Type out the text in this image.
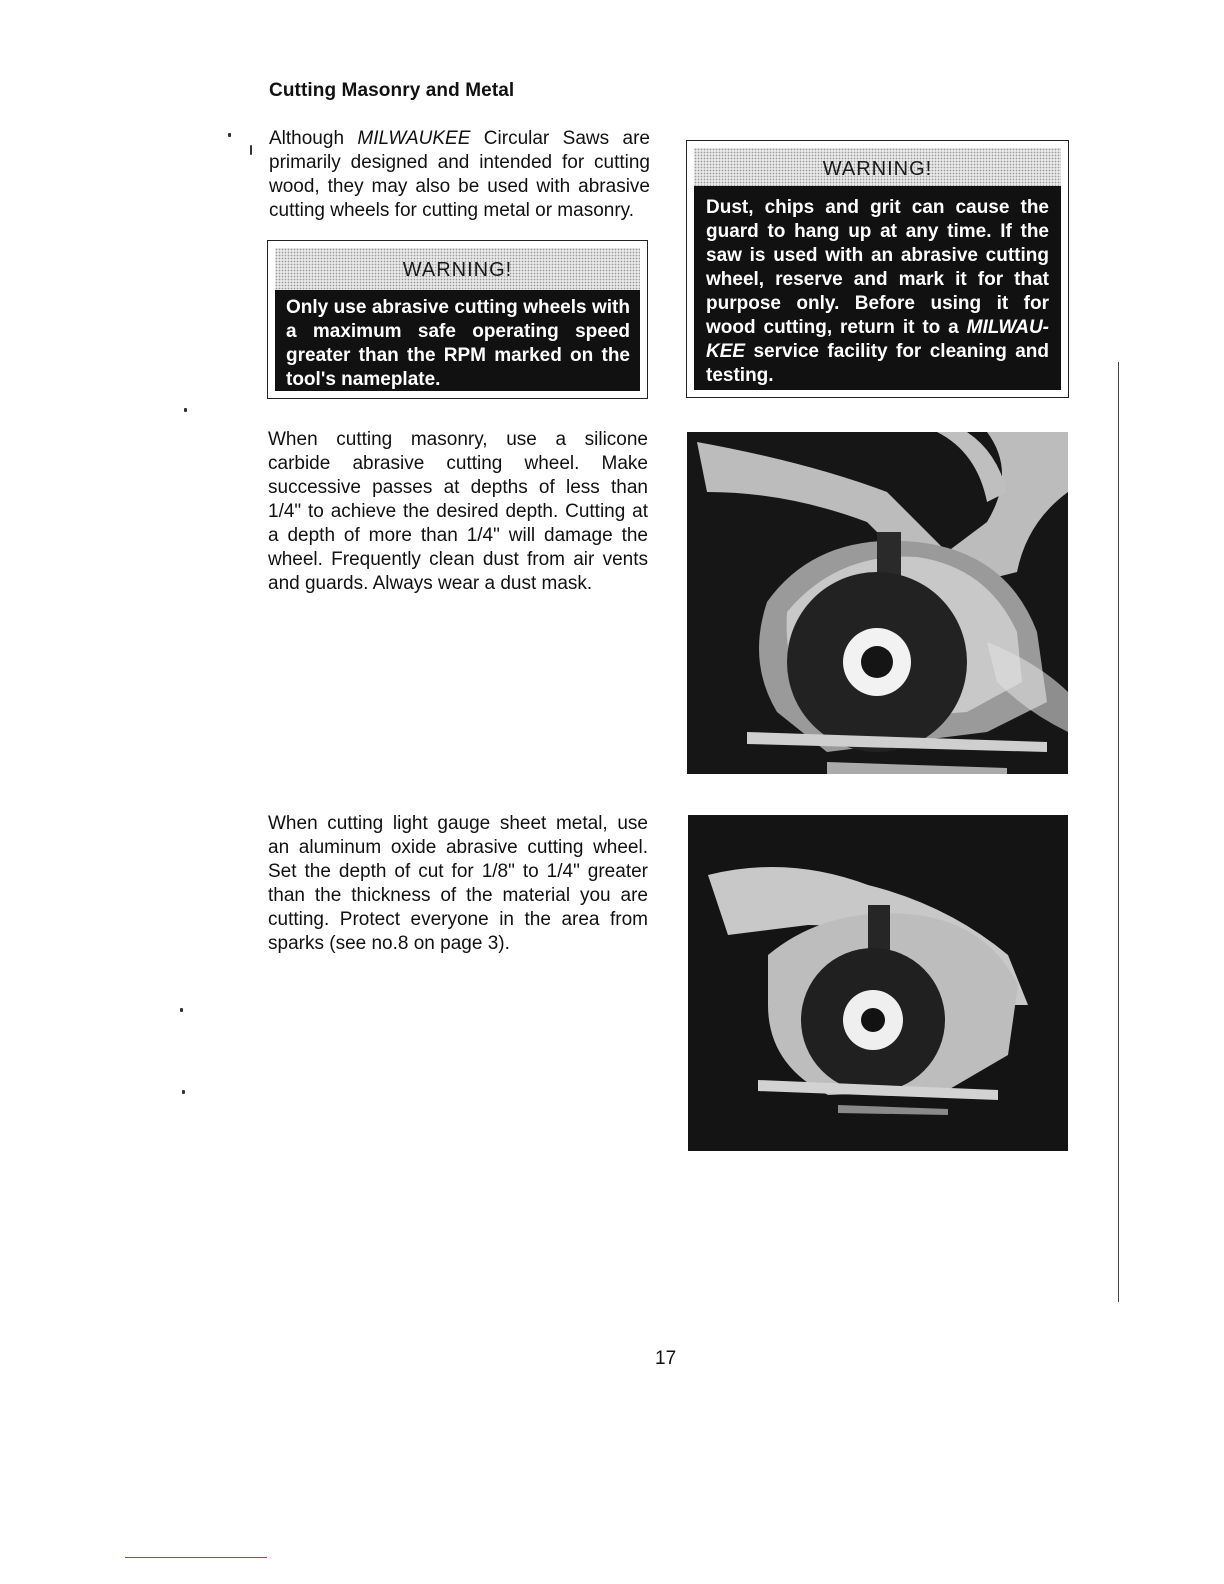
Cutting Masonry and Metal
Although MILWAUKEE Circular Saws are primarily designed and intended for cutting wood, they may also be used with abrasive cutting wheels for cutting metal or masonry.
WARNING!
Only use abrasive cutting wheels with a maximum safe operating speed greater than the RPM marked on the tool's nameplate.
WARNING!
Dust, chips and grit can cause the guard to hang up at any time. If the saw is used with an abrasive cutting wheel, reserve and mark it for that purpose only. Before using it for wood cutting, return it to a MILWAU-KEE service facility for cleaning and testing.
When cutting masonry, use a silicone carbide abrasive cutting wheel. Make successive passes at depths of less than 1/4" to achieve the desired depth. Cutting at a depth of more than 1/4" will damage the wheel. Frequently clean dust from air vents and guards. Always wear a dust mask.
When cutting light gauge sheet metal, use an aluminum oxide abrasive cutting wheel. Set the depth of cut for 1/8" to 1/4" greater than the thickness of the material you are cutting. Protect everyone in the area from sparks (see no.8 on page 3).
17
